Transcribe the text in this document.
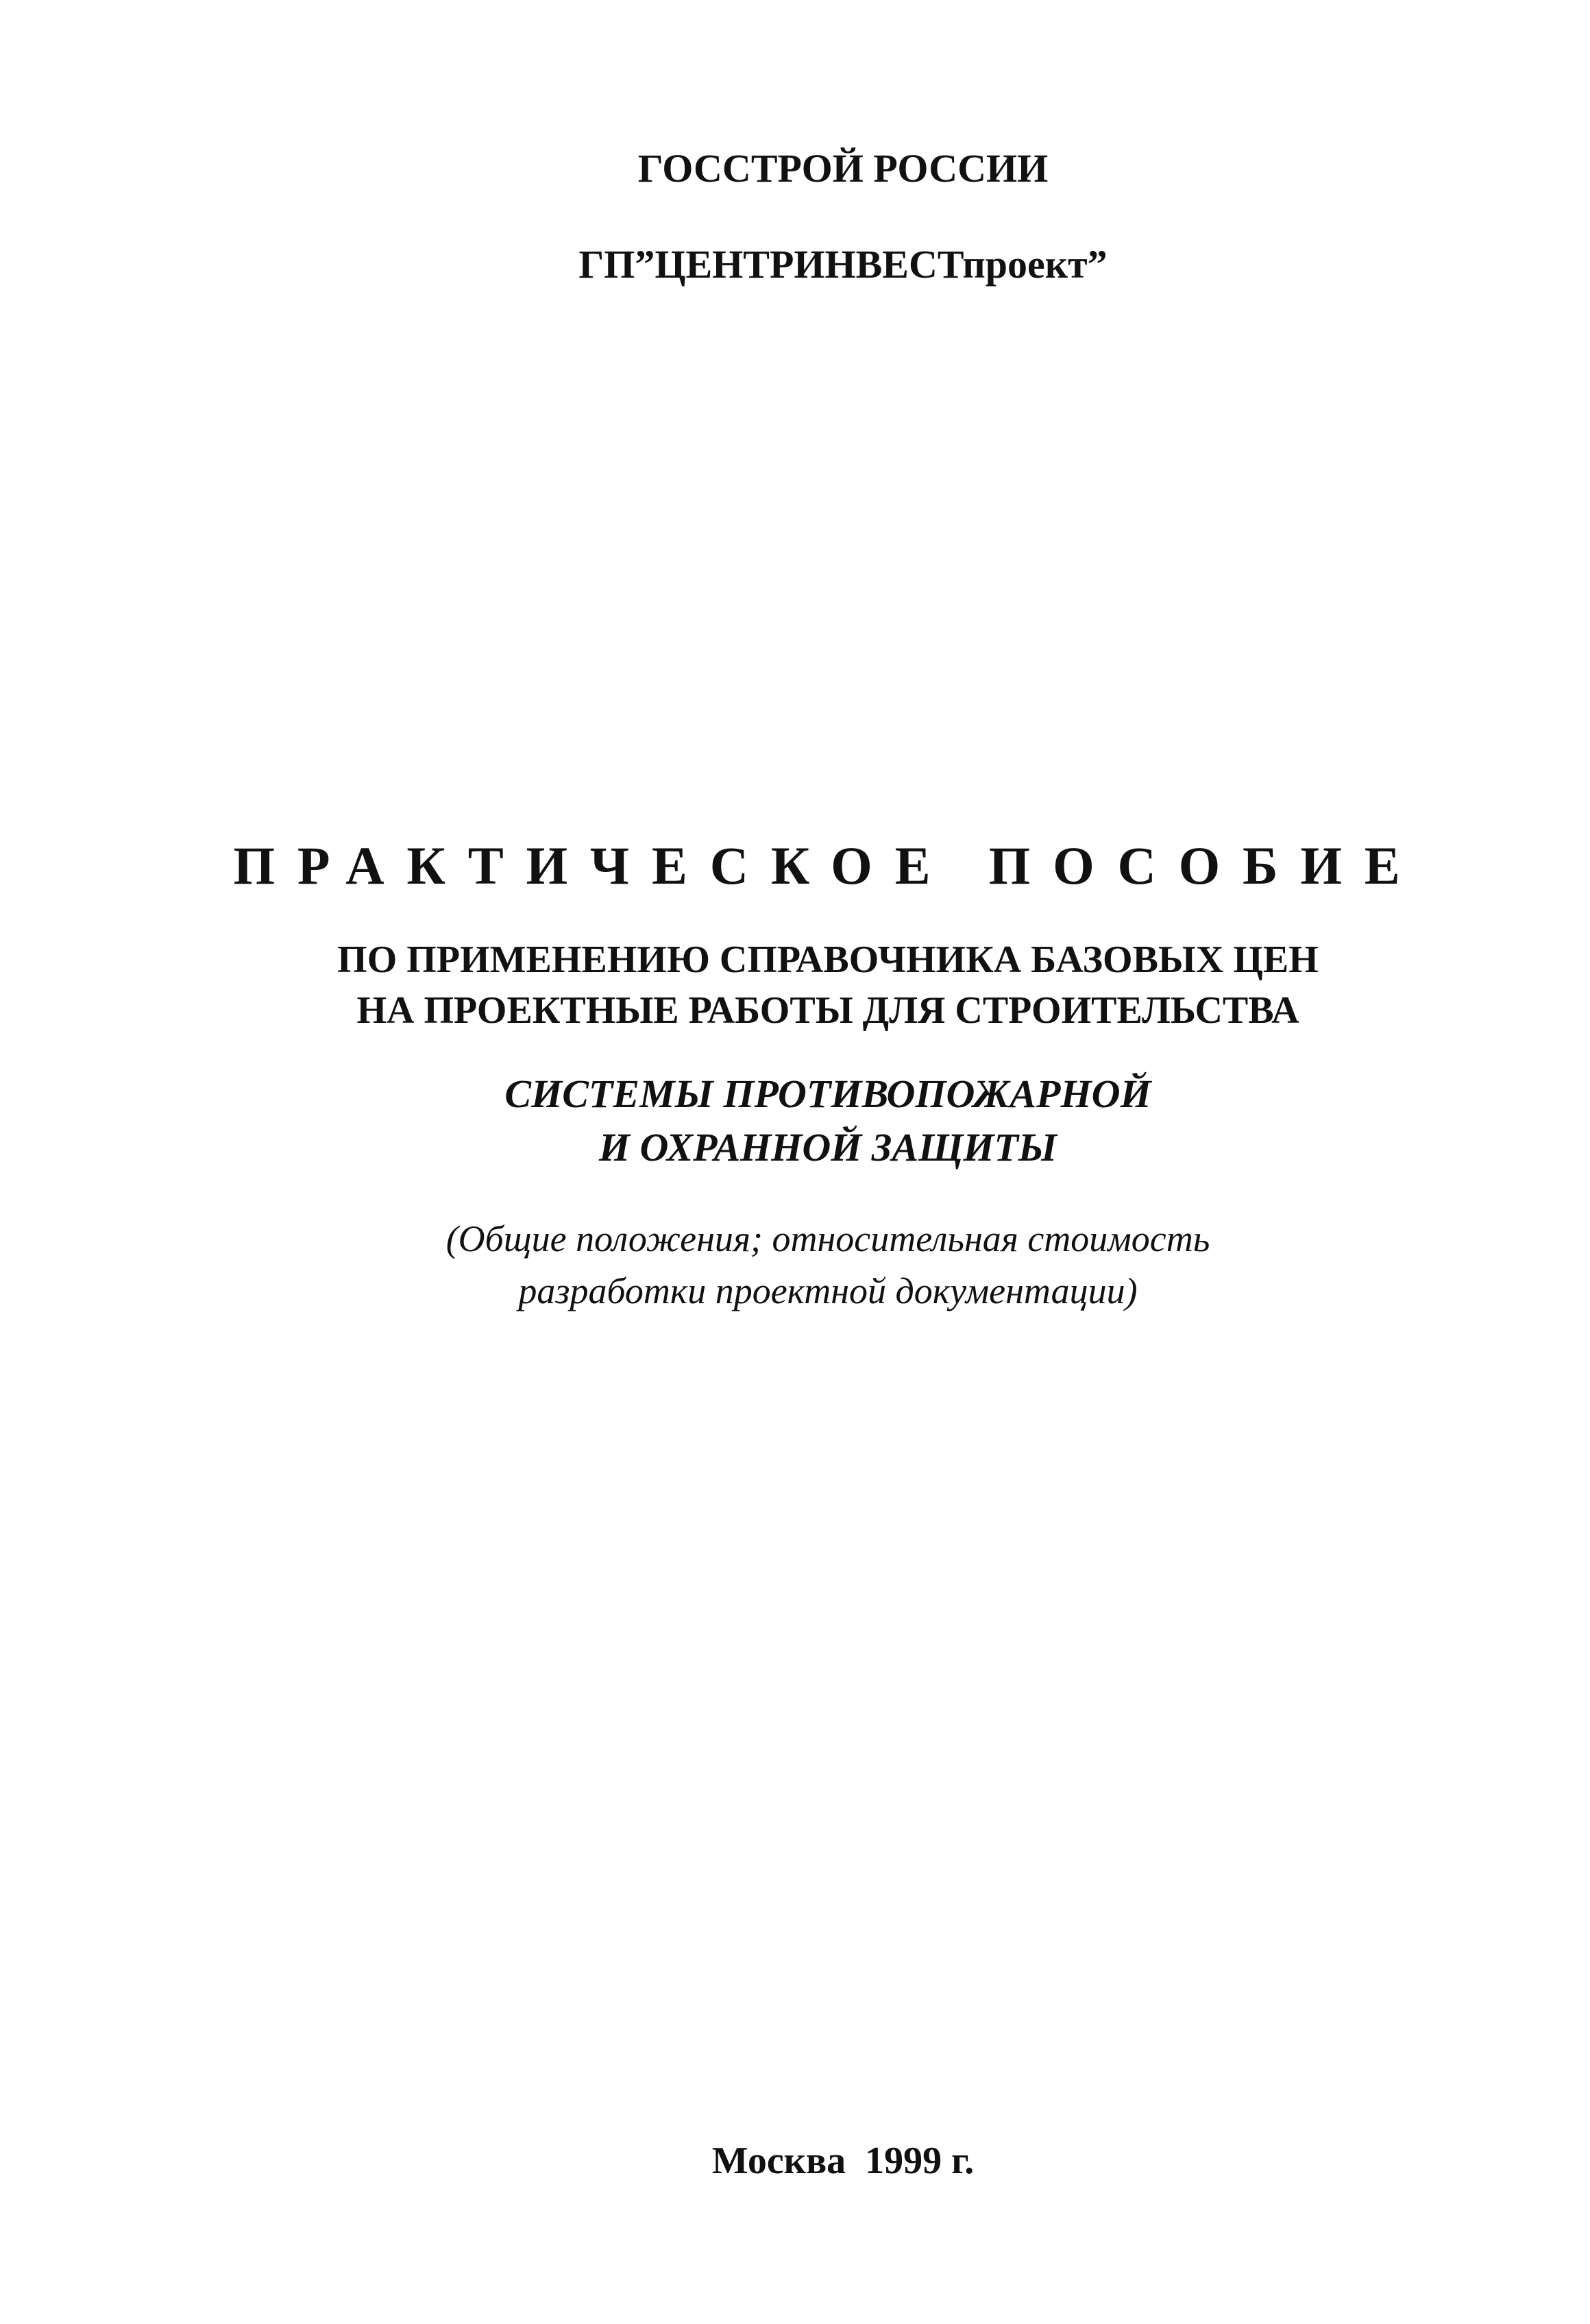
ГОССТРОЙ РОССИИ
ГП”ЦЕНТРИНВЕСТпроект”
ПРАКТИЧЕСКОЕ ПОСОБИЕ
ПО ПРИМЕНЕНИЮ СПРАВОЧНИКА БАЗОВЫХ ЦЕН
НА ПРОЕКТНЫЕ РАБОТЫ ДЛЯ СТРОИТЕЛЬСТВА
СИСТЕМЫ ПРОТИВОПОЖАРНОЙ
И ОХРАННОЙ ЗАЩИТЫ
(Общие положения; относительная стоимость
разработки проектной документации)
Москва  1999 г.
